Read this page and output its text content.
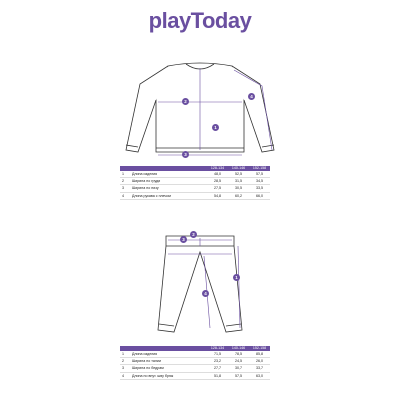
playToday
1
2
3
4
128-134	140-146	152-158
1	Длина изделия	48,0	52,5	57,5
2	Ширина по груди	28,5	31,5	34,5
3	Ширина по низу	27,5	30,5	33,5
4	Длина рукава с плечом	54,8	60,2	66,0
1
2
3
4
128-134	140-146	152-158
1	Длина изделия	71,5	78,5	85,8
2	Ширина по талии	23,2	24,5	26,0
3	Ширина по бедрам	27,7	30,7	33,7
4	Длина по внут. шву брюк	51,8	57,5	63,0
